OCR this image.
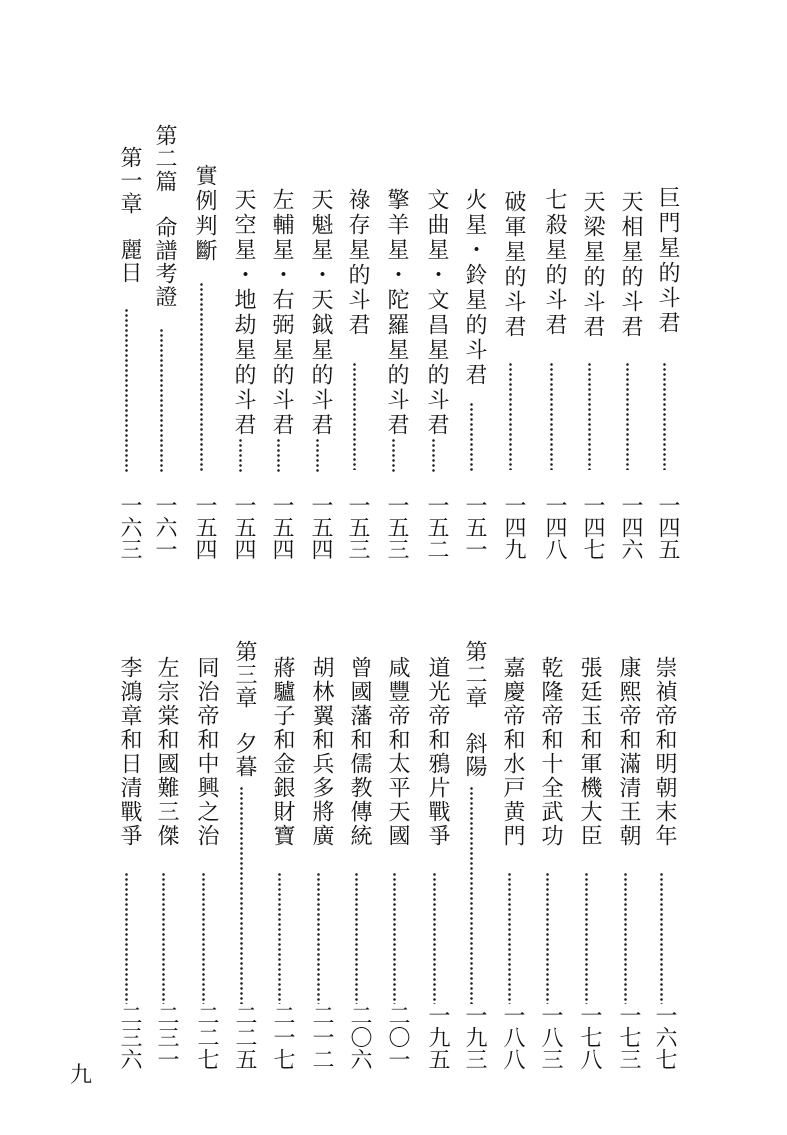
巨門星的斗君
一四五
天相星的斗君
一四六
天梁星的斗君
一四七
七殺星的斗君
一四八
破軍星的斗君
一四九
火星・鈴星的斗君
一五一
文曲星・文昌星的斗君
一五二
擎羊星・陀羅星的斗君
一五三
祿存星的斗君
一五三
天魁星・天鉞星的斗君
一五四
左輔星・右弼星的斗君
一五四
天空星・地劫星的斗君
一五四
實例判斷
一五四
第二篇　命譜考證
一六一
第一章　麗日
一六三
崇禎帝和明朝末年
一六七
康熙帝和滿清王朝
一七三
張廷玉和軍機大臣
一七八
乾隆帝和十全武功
一八三
嘉慶帝和水戸黄門
一八八
第二章　斜陽
一九三
道光帝和鴉片戰爭
一九五
咸豐帝和太平天國
二〇一
曾國藩和儒教傳統
二〇六
胡林翼和兵多將廣
二一二
蔣驢子和金銀財寶
二一七
第三章　夕暮
二二五
同治帝和中興之治
二二七
左宗棠和國難三傑
二三一
李鴻章和日清戰爭
二三六
九
